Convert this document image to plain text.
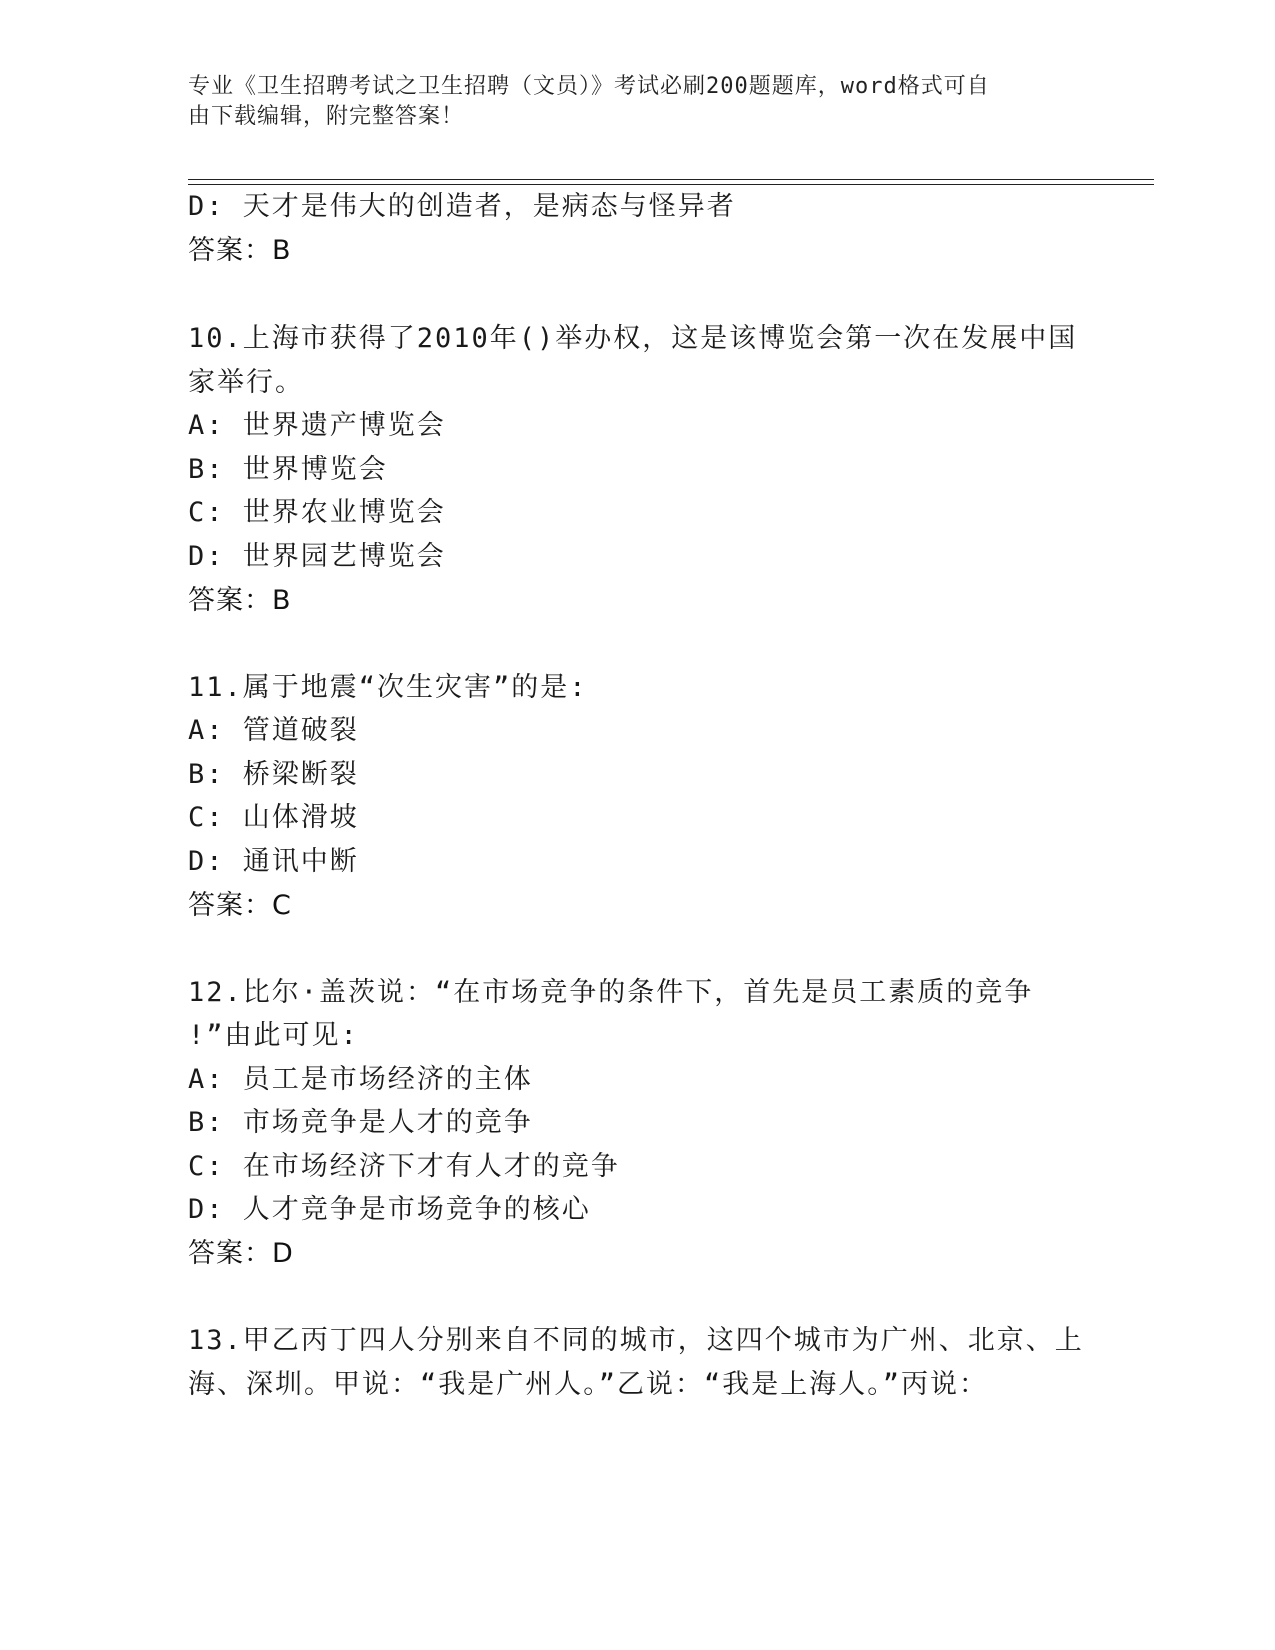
专业《卫生招聘考试之卫生招聘（文员）》考试必刷200题题库，word格式可自
由下载编辑，附完整答案！
D: 天才是伟大的创造者，是病态与怪异者
答案：B
10.上海市获得了2010年()举办权，这是该博览会第一次在发展中国
家举行。
A: 世界遗产博览会
B: 世界博览会
C: 世界农业博览会
D: 世界园艺博览会
答案：B
11.属于地震“次生灾害”的是:
A: 管道破裂
B: 桥梁断裂
C: 山体滑坡
D: 通讯中断
答案：C
12.比尔·盖茨说：“在市场竞争的条件下，首先是员工素质的竞争
!”由此可见:
A: 员工是市场经济的主体
B: 市场竞争是人才的竞争
C: 在市场经济下才有人才的竞争
D: 人才竞争是市场竞争的核心
答案：D
13.甲乙丙丁四人分别来自不同的城市，这四个城市为广州、北京、上
海、深圳。甲说：“我是广州人。”乙说：“我是上海人。”丙说：
